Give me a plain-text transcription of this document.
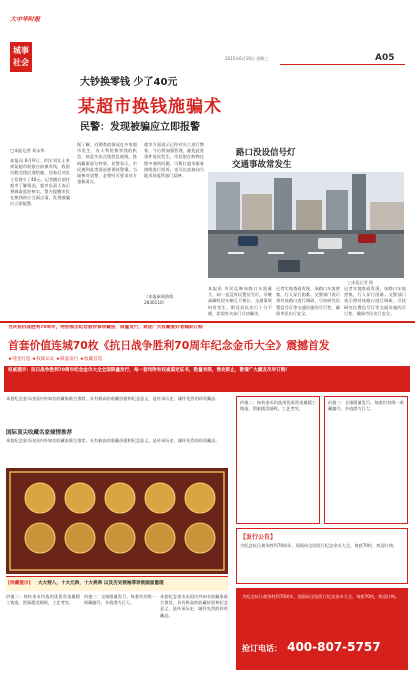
大中华时报
城事
社会	2015年6月10日 星期三	A05
大钞换零钱 少了40元
某超市换钱施骗术
民警：发现被骗应立即报警
□本报记者 刘永华
本报讯 6月9日，市民刘女士来到某超市收银台前换零钱，收银员数完钱后递给她，回家后刘女士发现少了40元。记者随后前往超市了解情况，超市负责人表示将调取监控核实。警方提醒市民在换钱时应当面点清，发现被骗应立即报警。
据了解，近期类似情况在多家超市发生，有人利用换零钱的机会，故意多次点钱扰乱视线，趁机藏匿部分钞票。民警表示，市民遇到此类情况要保持警惕，当面核对清楚，必要时可要求对方重新清点。
超市方面表示已经对员工进行教育，今后将加强管理，避免此类事件再次发生。市民如在购物过程中遇到问题，可拨打超市服务热线进行投诉，也可以直接向当地市场监管部门反映。
（本报新闻热线
2830110）
路口没设信号灯
交通事故常发生
□本报记者 摄
本报讯 市民反映该路口车流量大，却一直没有设置信号灯，早晚高峰时段车辆互不相让，交通事故时有发生，附近居民出行十分不便，希望有关部门尽快解决。
记者实地查看发现，该路口车流密集，行人穿行困难。交警部门表示将对该路口进行调研，尽快研究设置信号灯等交通设施的可行性，确保市民出行安全。
记者实地查看发现，该路口车流密集，行人穿行困难。交警部门表示将对该路口进行调研，尽快研究设置信号灯等交通设施的可行性，确保市民出行安全。
为庆祝抗战胜利70周年，特别推出纪念版钞票珍藏册，限量发行，欢迎广大收藏爱好者踊跃订购
首套价值连城70枚《抗日战争胜利70周年纪念金币大全》震撼首发
★纯金打造 ★权威认证 ★限量发行 ★收藏首选
权威提示：抗日战争胜利70周年纪念金币大全全国限量发行，每一套均附有权威鉴定证书，数量有限，售完即止，敬请广大藏友尽早订购！
本套纪念金币由国内外知名收藏家联合推荐，具有极高的收藏价值和纪念意义，是传承历史、缅怀先烈的珍贵藏品。
国际顶尖收藏名家倾情推荐
本套纪念金币由国内外知名收藏家联合推荐，具有极高的收藏价值和纪念意义，是传承历史、缅怀先烈的珍贵藏品。
[珍藏提示] 大大特入，十大元帅，十大将帅 以及历史领袖等珍贵画面重现
价值二：每枚金币均选用优质贵金属精工铸造，图案精美细致，工艺考究。
价值三：全球限量发行，每套均有唯一收藏编号，升值潜力巨大。
本套纪念金币由国内外知名收藏家联合推荐，具有极高的收藏价值和纪念意义，是传承历史、缅怀先烈的珍贵藏品。
价值二：每枚金币均选用优质贵金属精工铸造，图案精美细致，工艺考究。
价值三：全球限量发行，每套均有唯一收藏编号，升值潜力巨大。
【发行公告】
为纪念抗日战争胜利70周年，现面向全国发行纪念金币大全，每套70枚，欢迎订购。
为纪念抗日战争胜利70周年，现面向全国发行纪念金币大全，每套70枚，欢迎订购。
抢订电话： 400-807-5757
